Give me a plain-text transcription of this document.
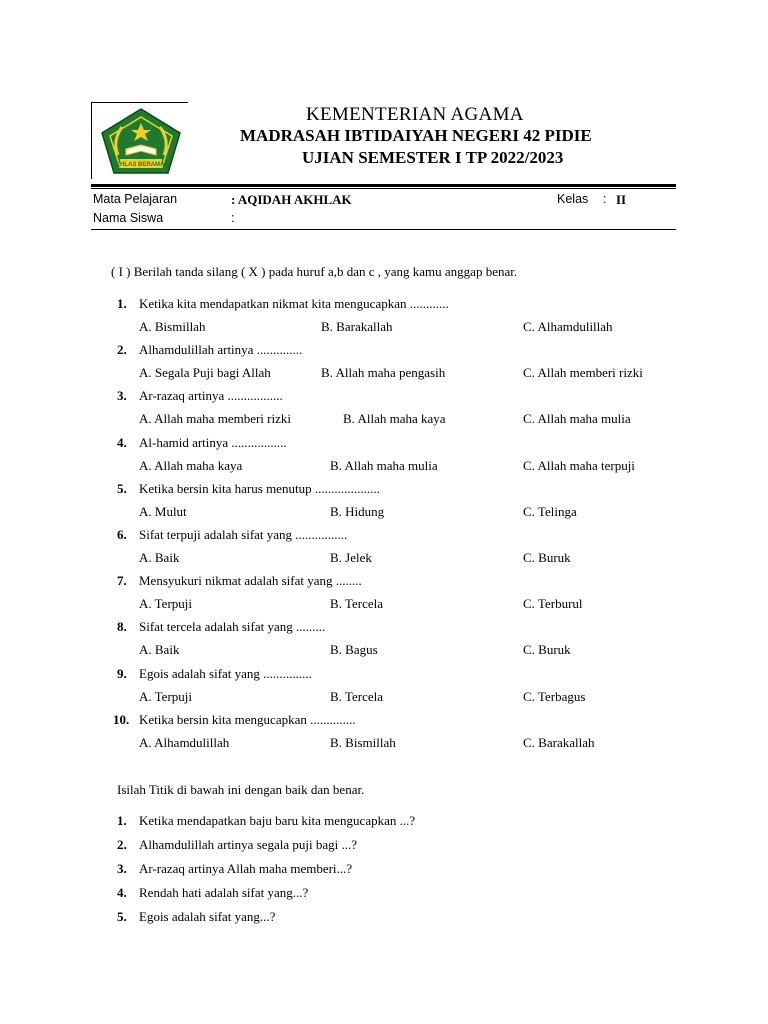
IKHLAS BERAMAL
KEMENTERIAN AGAMA
MADRASAH IBTIDAIYAH NEGERI 42 PIDIE
UJIAN SEMESTER I TP 2022/2023
Mata Pelajaran	: AQIDAH AKHLAK	Kelas : II
Nama Siswa	:
( I ) Berilah tanda silang ( X ) pada huruf a,b dan c , yang kamu anggap benar.
1. Ketika kita mendapatkan nikmat kita mengucapkan ............
A. Bismillah	B. Barakallah	C. Alhamdulillah
2. Alhamdulillah artinya ..............
A. Segala Puji bagi Allah	B. Allah maha pengasih	C. Allah memberi rizki
3. Ar-razaq artinya .................
A. Allah maha memberi rizki	B. Allah maha kaya	C. Allah maha mulia
4. Al-hamid artinya .................
A. Allah maha kaya	B. Allah maha mulia	C. Allah maha terpuji
5. Ketika bersin kita harus menutup ....................
A. Mulut	B. Hidung	C. Telinga
6. Sifat terpuji adalah sifat yang ................
A. Baik	B. Jelek	C. Buruk
7. Mensyukuri nikmat adalah sifat yang ........
A. Terpuji	B. Tercela	C. Terburul
8. Sifat tercela adalah sifat yang .........
A. Baik	B. Bagus	C. Buruk
9. Egois adalah sifat yang ...............
A. Terpuji	B. Tercela	C. Terbagus
10. Ketika bersin kita mengucapkan ..............
A. Alhamdulillah	B. Bismillah	C. Barakallah
Isilah Titik di bawah ini dengan baik dan benar.
1. Ketika mendapatkan baju baru kita mengucapkan ...?
2. Alhamdulillah artinya segala puji bagi ...?
3. Ar-razaq artinya Allah maha memberi...?
4. Rendah hati adalah sifat yang...?
5. Egois adalah sifat yang...?
